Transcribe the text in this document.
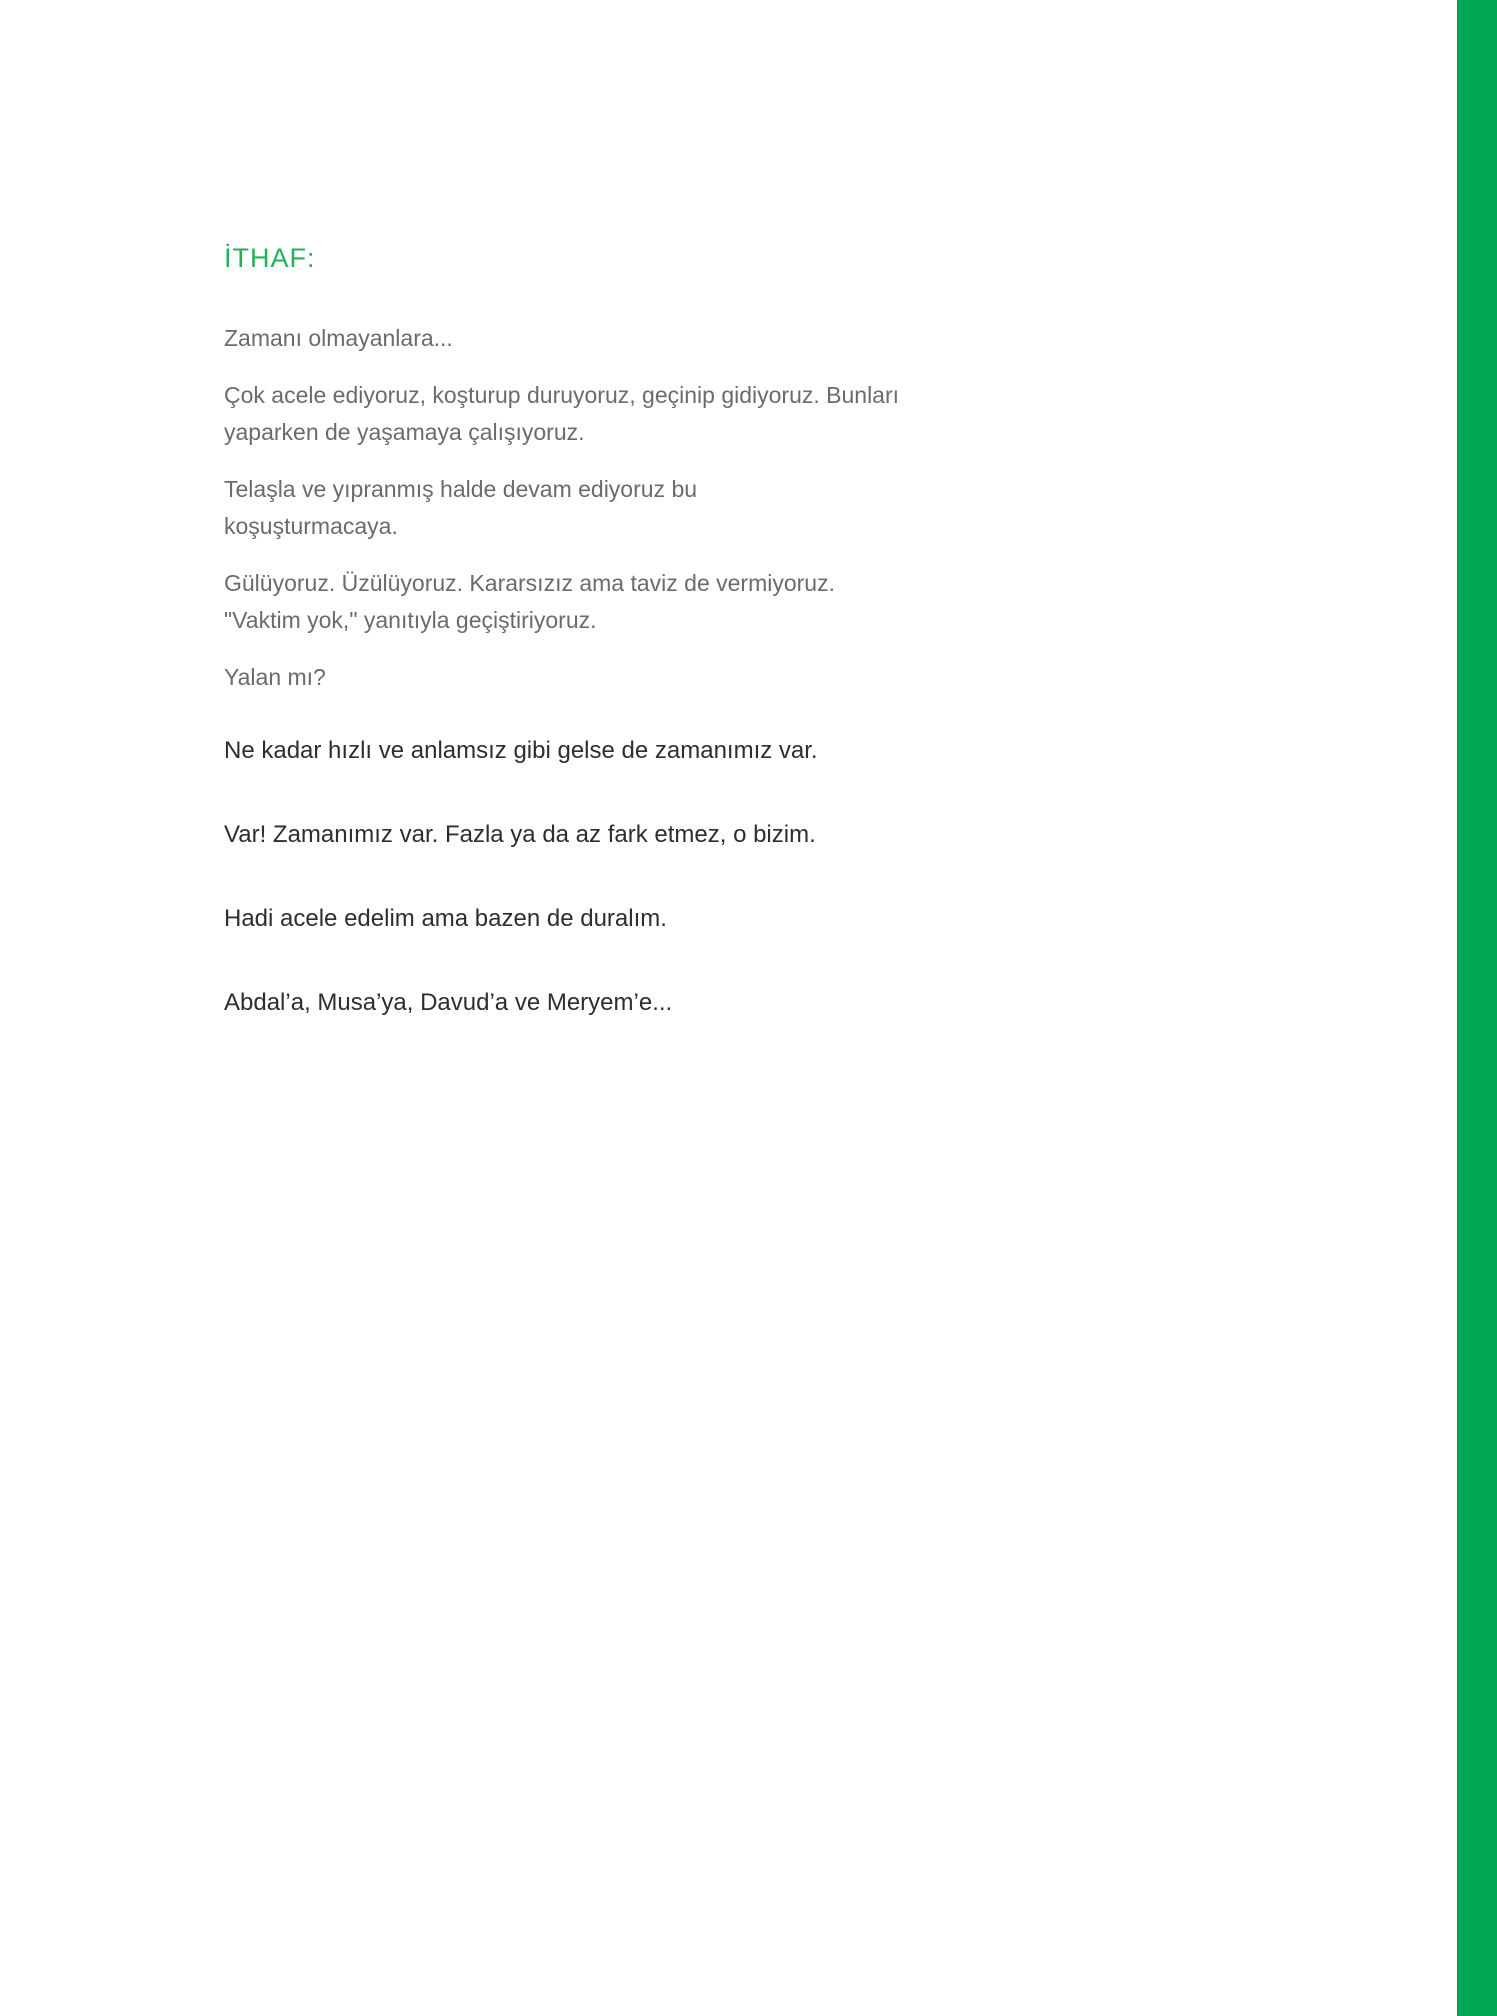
İTHAF:

Zamanı olmayanlara...

Çok acele ediyoruz, koşturup duruyoruz, geçinip gidiyoruz. Bunları yaparken de yaşamaya çalışıyoruz.

Telaşla ve yıpranmış halde devam ediyoruz bu koşuşturmacaya.

Gülüyoruz. Üzülüyoruz. Kararsızız ama taviz de vermiyoruz. "Vaktim yok," yanıtıyla geçiştiriyoruz.

Yalan mı?

Ne kadar hızlı ve anlamsız gibi gelse de zamanımız var.

Var! Zamanımız var. Fazla ya da az fark etmez, o bizim.

Hadi acele edelim ama bazen de duralım.

Abdal’a, Musa’ya, Davud’a ve Meryem’e...
